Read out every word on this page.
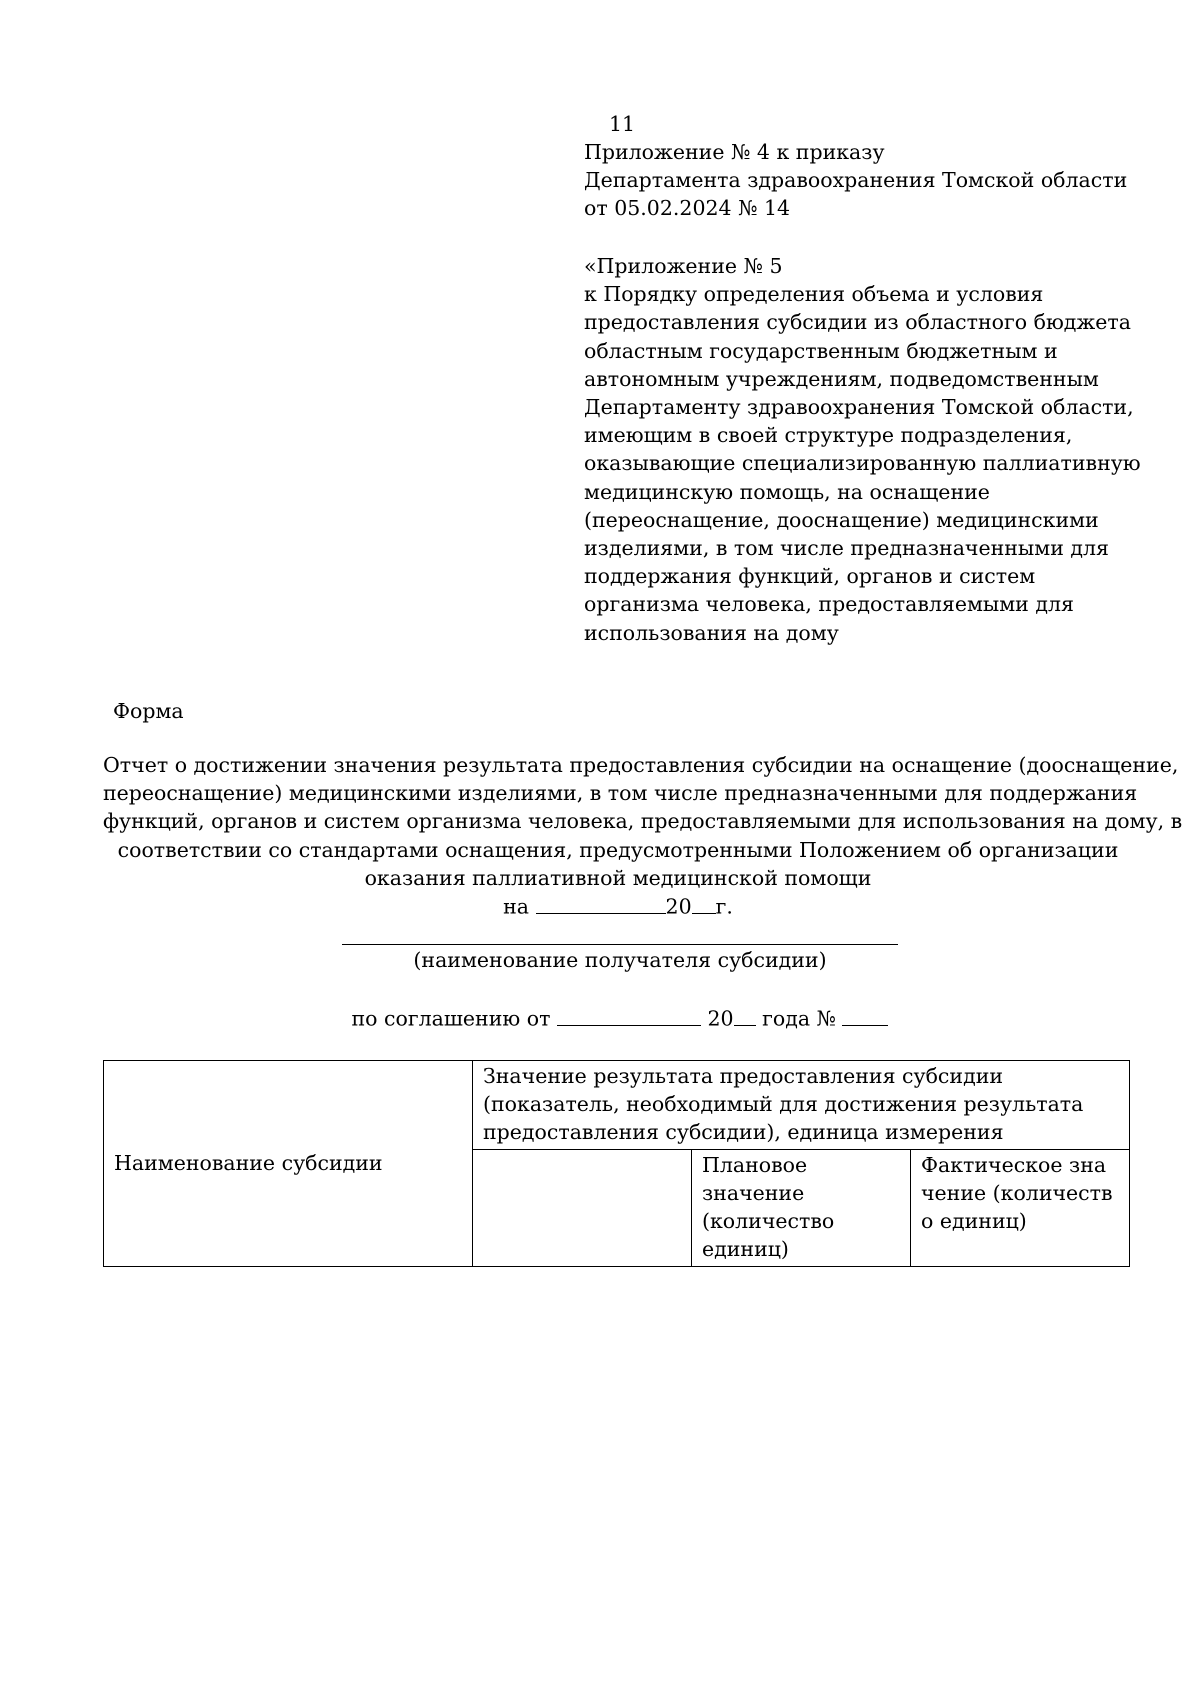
11
Приложение № 4 к приказу
Департамента здравоохранения Томской области
от 05.02.2024 № 14
«Приложение № 5
к Порядку определения объема и условия предоставления субсидии из областного бюджета областным государственным бюджетным и автономным учреждениям, подведомственным Департаменту здравоохранения Томской области, имеющим в своей структуре подразделения, оказывающие специализированную паллиативную медицинскую помощь, на оснащение (переоснащение, дооснащение) медицинскими изделиями, в том числе предназначенными для поддержания функций, органов и систем организма человека, предоставляемыми для использования на дому
Форма
Отчет о достижении значения результата предоставления субсидии на оснащение (дооснащение,
переоснащение) медицинскими изделиями, в том числе предназначенными для поддержания
функций, органов и систем организма человека, предоставляемыми для использования на дому, в
соответствии со стандартами оснащения, предусмотренными Положением об организации
оказания паллиативной медицинской помощи
на	20 г.
(наименование получателя субсидии)
по соглашению от	20 года №
Наименование субсидии	Значение результата предоставления субсидии (показатель, необходимый для достижения результата предоставления субсидии), единица измерения		
		Плановое значение (количество единиц)	Фактическое значение (количество единиц)
